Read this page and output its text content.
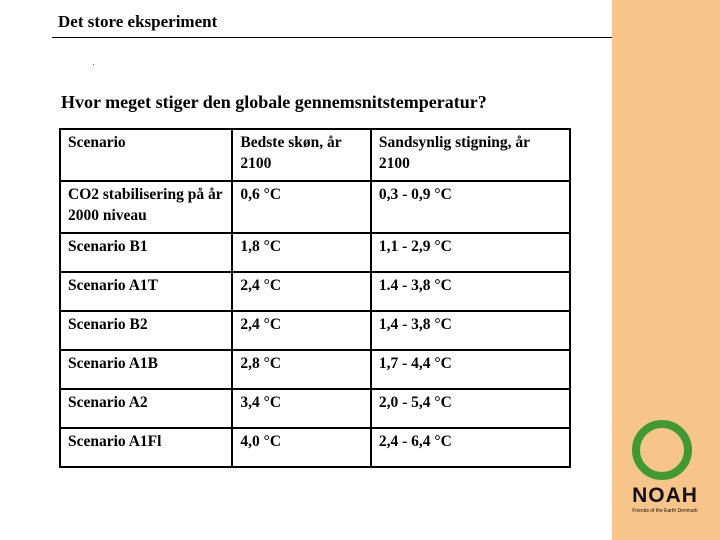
Det store eksperiment
Hvor meget stiger den globale gennemsnitstemperatur?
Scenario	Bedste skøn, år 2100	Sandsynlig stigning, år 2100
CO2 stabilisering på år 2000 niveau	0,6 °C	0,3 - 0,9 °C
Scenario B1	1,8 °C	1,1 - 2,9 °C
Scenario A1T	2,4 °C	1.4 - 3,8 °C
Scenario B2	2,4 °C	1,4 - 3,8 °C
Scenario A1B	2,8 °C	1,7 - 4,4 °C
Scenario A2	3,4 °C	2,0 - 5,4 °C
Scenario A1Fl	4,0 °C	2,4 - 6,4 °C
NOAH
Friends of the Earth Denmark
